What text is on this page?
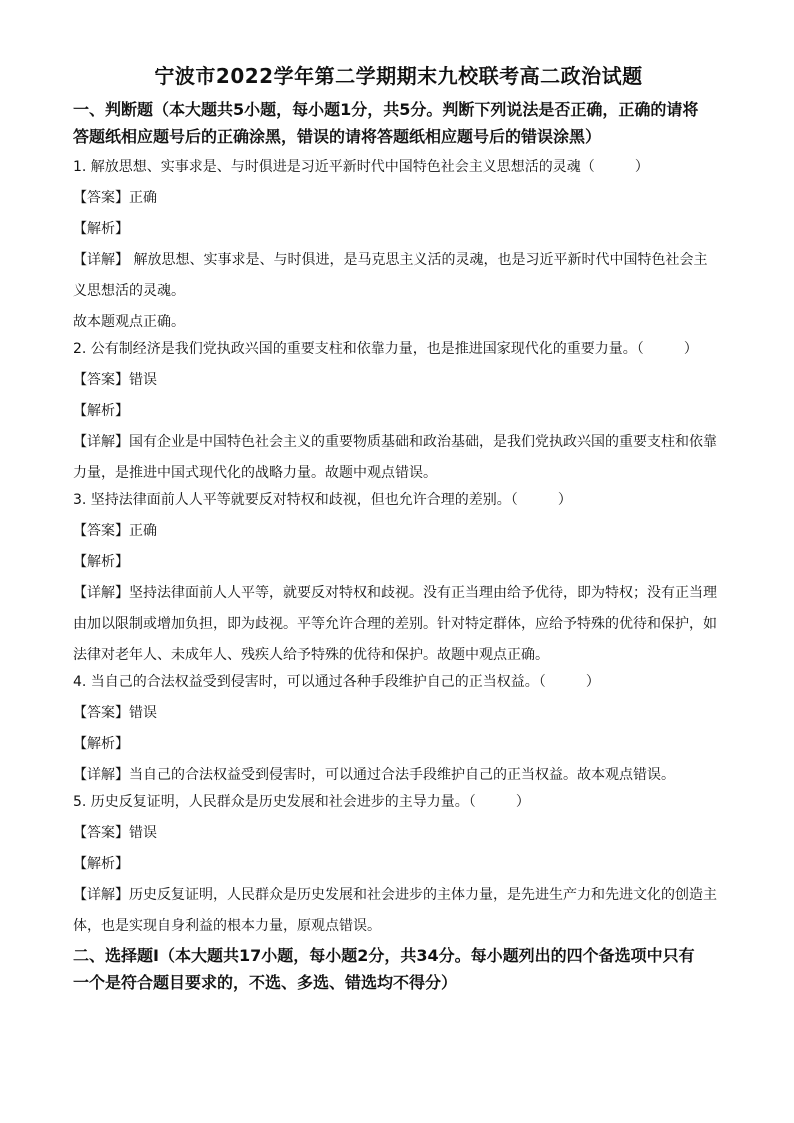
宁波市2022学年第二学期期末九校联考高二政治试题

一、判断题（本大题共5小题，每小题1分，共5分。判断下列说法是否正确，正确的请将

答题纸相应题号后的正确涂黑，错误的请将答题纸相应题号后的错误涂黑）

1. 解放思想、实事求是、与时俱进是习近平新时代中国特色社会主义思想活的灵魂（	）

【答案】正确

【解析】

【详解】 解放思想、实事求是、与时俱进，是马克思主义活的灵魂，也是习近平新时代中国特色社会主

义思想活的灵魂。

故本题观点正确。

2. 公有制经济是我们党执政兴国的重要支柱和依靠力量，也是推进国家现代化的重要力量。（	）

【答案】错误

【解析】

【详解】国有企业是中国特色社会主义的重要物质基础和政治基础，是我们党执政兴国的重要支柱和依靠

力量，是推进中国式现代化的战略力量。故题中观点错误。

3. 坚持法律面前人人平等就要反对特权和歧视，但也允许合理的差别。（	）

【答案】正确

【解析】

【详解】坚持法律面前人人平等，就要反对特权和歧视。没有正当理由给予优待，即为特权；没有正当理

由加以限制或增加负担，即为歧视。平等允许合理的差别。针对特定群体，应给予特殊的优待和保护，如

法律对老年人、未成年人、残疾人给予特殊的优待和保护。故题中观点正确。

4. 当自己的合法权益受到侵害时，可以通过各种手段维护自己的正当权益。（	）

【答案】错误

【解析】

【详解】当自己的合法权益受到侵害时，可以通过合法手段维护自己的正当权益。故本观点错误。

5. 历史反复证明，人民群众是历史发展和社会进步的主导力量。（	）

【答案】错误

【解析】

【详解】历史反复证明，人民群众是历史发展和社会进步的主体力量，是先进生产力和先进文化的创造主

体，也是实现自身利益的根本力量，原观点错误。

二、选择题Ⅰ（本大题共17小题，每小题2分，共34分。每小题列出的四个备选项中只有

一个是符合题目要求的，不选、多选、错选均不得分）
